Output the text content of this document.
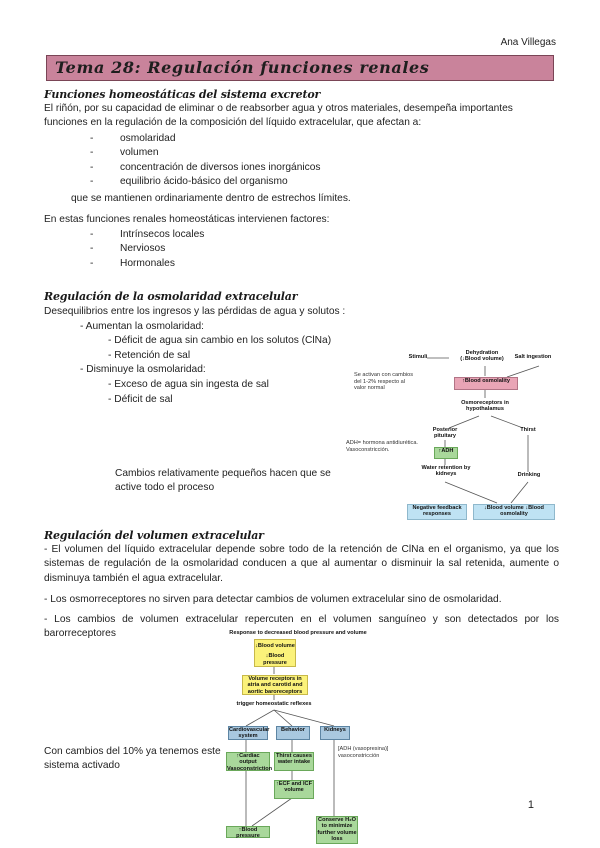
Ana Villegas
Tema 28: Regulación funciones renales
Funciones homeostáticas del sistema excretor
El riñón, por su capacidad de eliminar o de reabsorber agua y otros materiales, desempeña importantes funciones en la regulación de la composición del líquido extracelular, que afectan a:
- osmolaridad
- volumen
- concentración de diversos iones inorgánicos
- equilibrio ácido-básico del organismo
que se mantienen ordinariamente dentro de estrechos límites.
En estas funciones renales homeostáticas intervienen factores:
- Intrínsecos locales
- Nerviosos
- Hormonales
Regulación de la osmolaridad extracelular
Desequilibrios entre los ingresos y las pérdidas de agua y solutos :
- Aumentan la osmolaridad:
- Déficit de agua sin cambio en los solutos (ClNa)
- Retención de sal
- Disminuye la osmolaridad:
- Exceso de agua sin ingesta de sal
- Déficit de sal
Cambios relativamente pequeños hacen que se active todo el proceso
Stimuli
Dehydration (↓Blood volume)	Salt ingestion
↑Blood osmolality
Osmoreceptors in hypothalamus
Posterior pituitary
Thirst
↑ADH
Water retention by kidneys	Drinking
Negative feedback responses
↓Blood volume ↓Blood osmolality
Se activan con cambios del 1-2% respecto al valor normal
ADH= hormona antidiurética. Vasoconstricción.
Regulación del volumen extracelular
- El volumen del líquido extracelular depende sobre todo de la retención de ClNa en el organismo, ya que los sistemas de regulación de la osmolaridad conducen a que al aumentar o disminuir la sal retenida, aumente o disminuya también el agua extracelular.
- Los osmorreceptores no sirven para detectar cambios de volumen extracelular sino de osmolaridad.
- Los cambios de volumen extracelular repercuten en el volumen sanguíneo y son detectados por los barorreceptores
Con cambios del 10% ya tenemos este sistema activado
Response to decreased blood pressure and volume
↓Blood volume
↓Blood pressure
Volume receptors in atria and carotid and aortic baroreceptors
trigger homeostatic reflexes
Cardiovascular system
Behavior	Kidneys
↑Cardiac output Vasoconstriction
Thirst causes water intake
↑ECF and ICF volume
Conserve H₂O to minimize further volume loss
↑Blood pressure
[ADH (vasopresina)] vasoconstricción
1
